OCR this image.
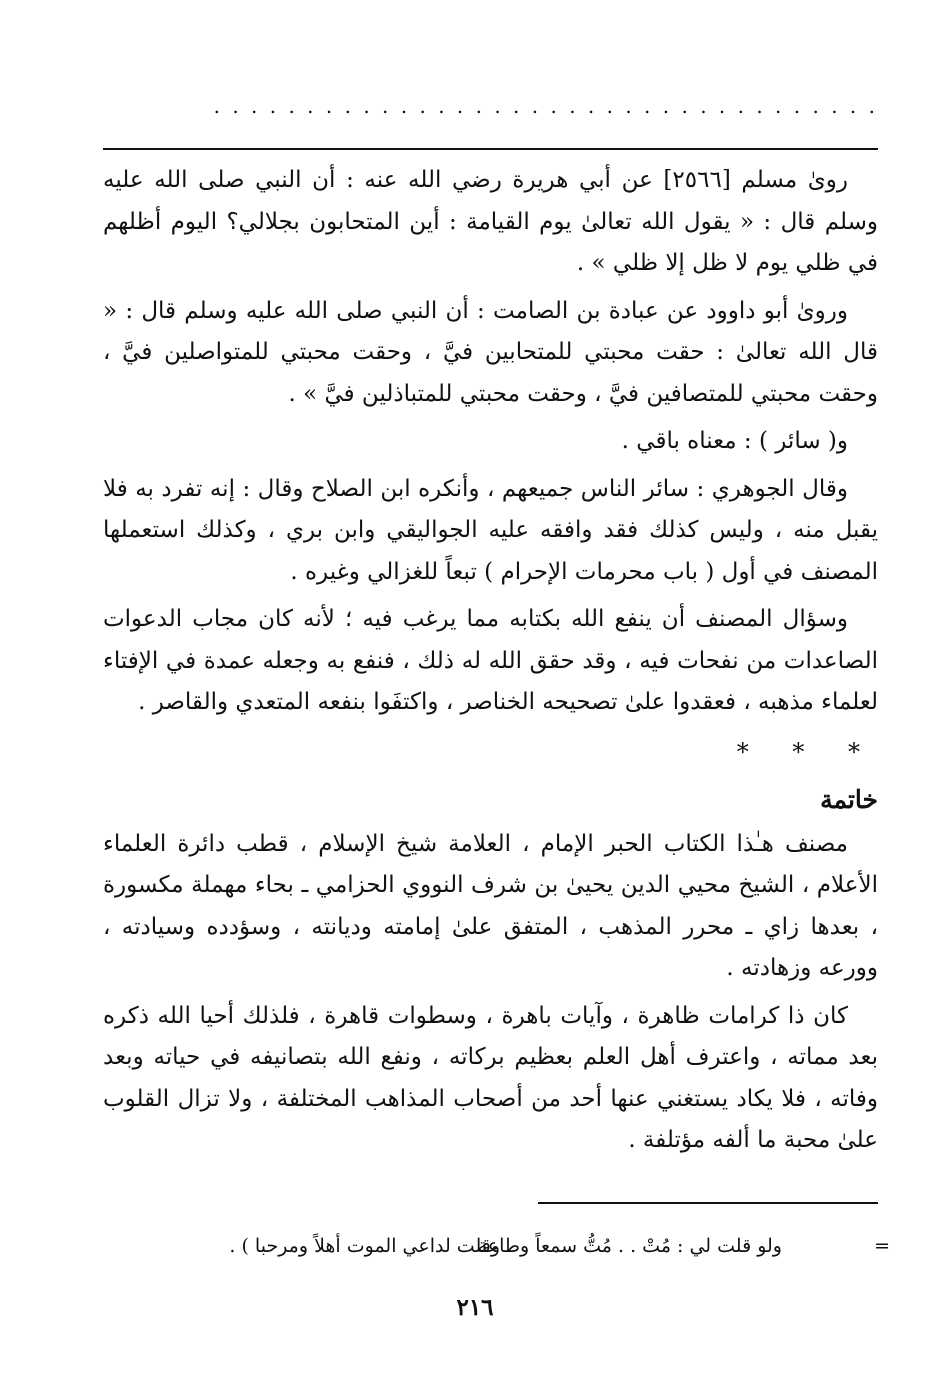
. . . . . . . . . . . . . . . . . . . . . . . . . . . . . . . . . . . .

روىٰ مسلم [٢٥٦٦] عن أبي هريرة رضي الله عنه : أن النبي صلى الله عليه وسلم قال : « يقول الله تعالىٰ يوم القيامة : أين المتحابون بجلالي؟ اليوم أظلهم في ظلي يوم لا ظل إلا ظلي » .

وروىٰ أبو داوود عن عبادة بن الصامت : أن النبي صلى الله عليه وسلم قال : « قال الله تعالىٰ : حقت محبتي للمتحابين فيَّ ، وحقت محبتي للمتواصلين فيَّ ، وحقت محبتي للمتصافين فيَّ ، وحقت محبتي للمتباذلين فيَّ » .

و( سائر ) : معناه باقي .

وقال الجوهري : سائر الناس جميعهم ، وأنكره ابن الصلاح وقال : إنه تفرد به فلا يقبل منه ، وليس كذلك فقد وافقه عليه الجواليقي وابن بري ، وكذلك استعملها المصنف في أول ( باب محرمات الإحرام ) تبعاً للغزالي وغيره .

وسؤال المصنف أن ينفع الله بكتابه مما يرغب فيه ؛ لأنه كان مجاب الدعوات الصاعدات من نفحات فيه ، وقد حقق الله له ذلك ، فنفع به وجعله عمدة في الإفتاء لعلماء مذهبه ، فعقدوا علىٰ تصحيحه الخناصر ، واكتفَوا بنفعه المتعدي والقاصر .

* * *
خاتمة

مصنف هـٰذا الكتاب الحبر الإمام ، العلامة شيخ الإسلام ، قطب دائرة العلماء الأعلام ، الشيخ محيي الدين يحيىٰ بن شرف النووي الحزامي ـ بحاء مهملة مكسورة ، بعدها زاي ـ محرر المذهب ، المتفق علىٰ إمامته وديانته ، وسؤدده وسيادته ، وورعه وزهادته .

كان ذا كرامات ظاهرة ، وآيات باهرة ، وسطوات قاهرة ، فلذلك أحيا الله ذكره بعد مماته ، واعترف أهل العلم بعظيم بركاته ، ونفع الله بتصانيفه في حياته وبعد وفاته ، فلا يكاد يستغني عنها أحد من أصحاب المذاهب المختلفة ، ولا تزال القلوب علىٰ محبة ما ألفه مؤتلفة .

=
ولو قلت لي : مُتْ . . مُتُّ سمعاً وطاعة
وقلت لداعي الموت أهلاً ومرحبا ) .
٢١٦
